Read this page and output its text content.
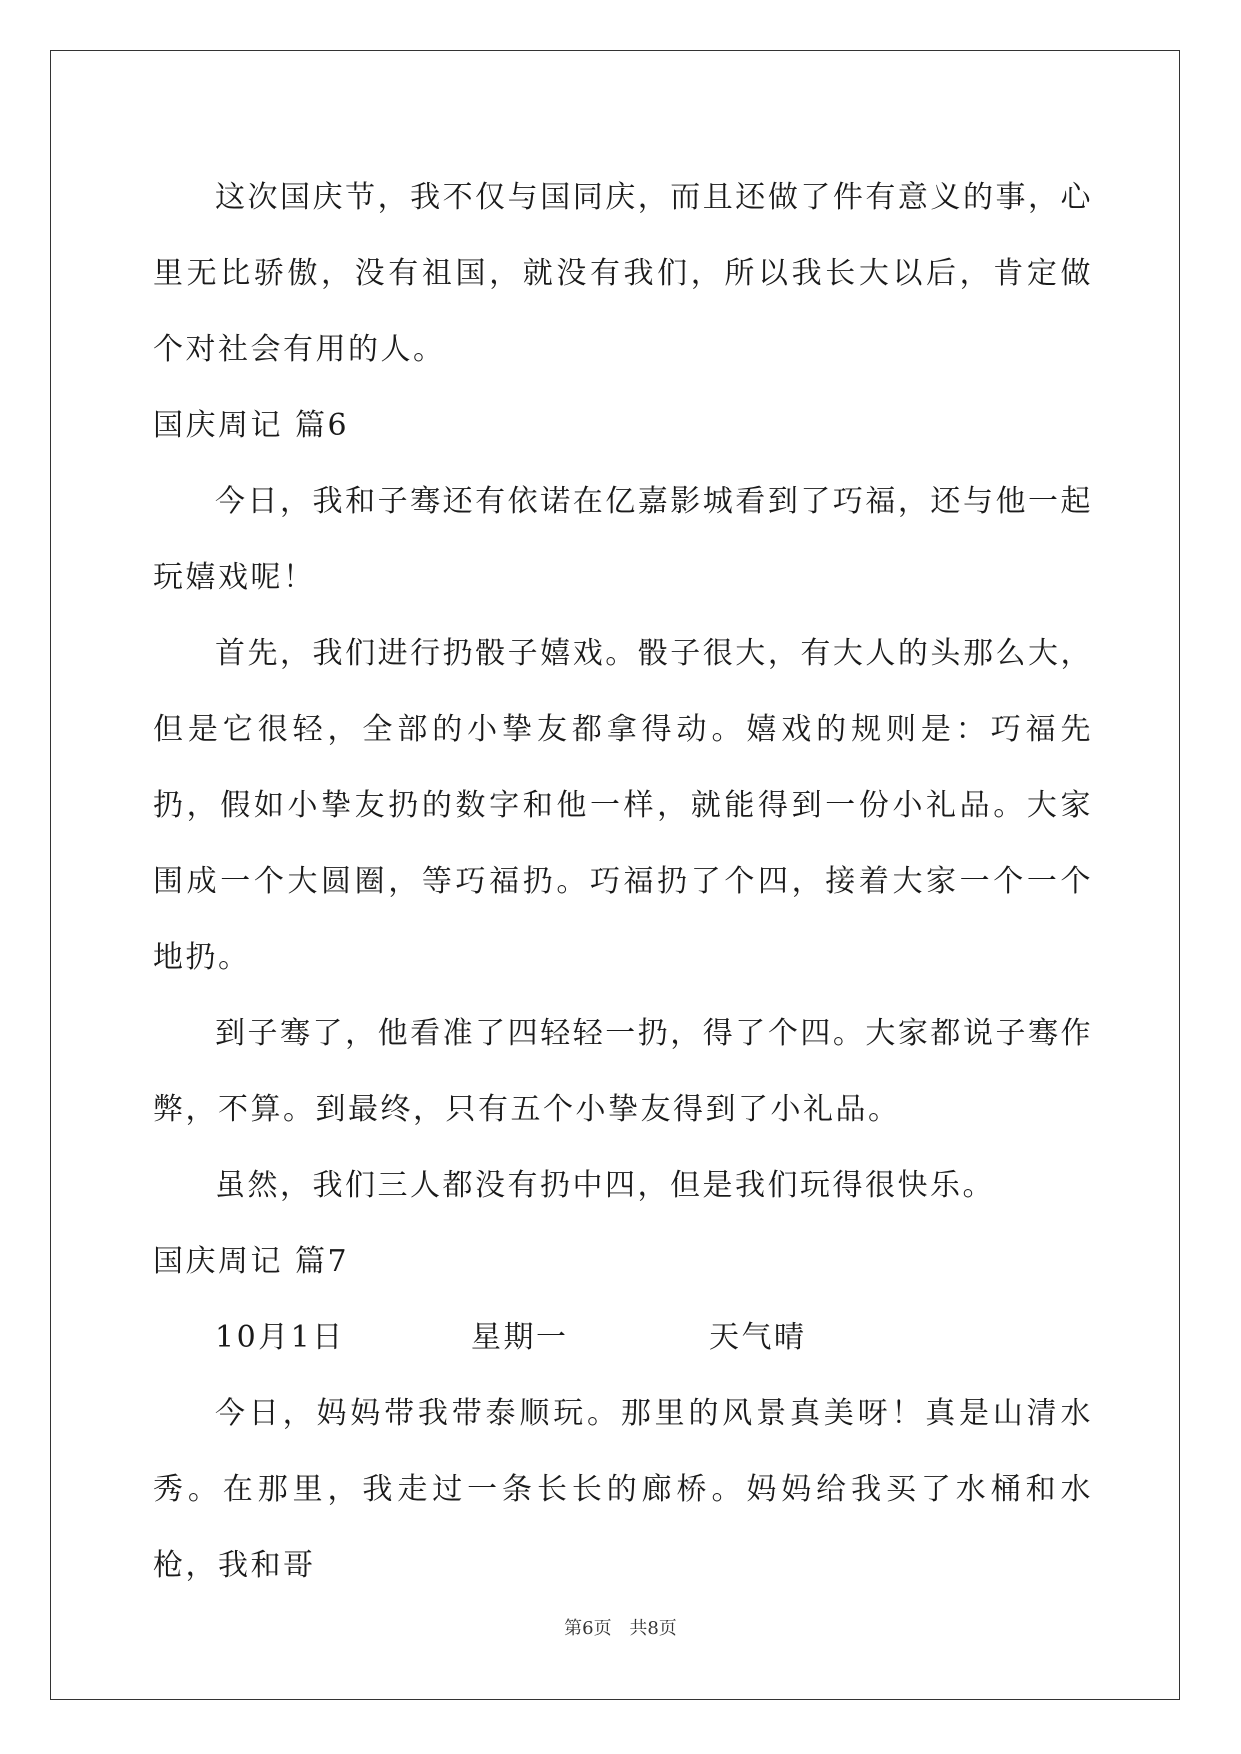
这次国庆节，我不仅与国同庆，而且还做了件有意义的事，心里无比骄傲，没有祖国，就没有我们，所以我长大以后，肯定做个对社会有用的人。

国庆周记 篇6

今日，我和子骞还有依诺在亿嘉影城看到了巧福，还与他一起玩嬉戏呢！

首先，我们进行扔骰子嬉戏。骰子很大，有大人的头那么大，但是它很轻，全部的小挚友都拿得动。嬉戏的规则是：巧福先扔，假如小挚友扔的数字和他一样，就能得到一份小礼品。大家围成一个大圆圈，等巧福扔。巧福扔了个四，接着大家一个一个地扔。

到子骞了，他看准了四轻轻一扔，得了个四。大家都说子骞作弊，不算。到最终，只有五个小挚友得到了小礼品。

虽然，我们三人都没有扔中四，但是我们玩得很快乐。

国庆周记 篇7

10月1日	星期一	天气晴

今日，妈妈带我带泰顺玩。那里的风景真美呀！真是山清水秀。在那里，我走过一条长长的廊桥。妈妈给我买了水桶和水枪，我和哥

第6页 共8页
